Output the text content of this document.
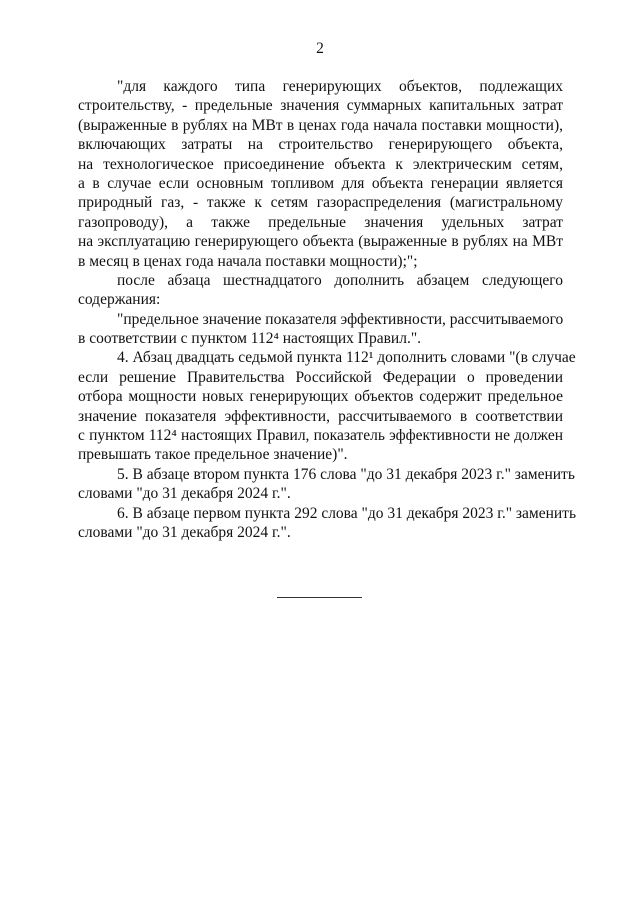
2
"для каждого типа генерирующих объектов, подлежащих
строительству, - предельные значения суммарных капитальных затрат
(выраженные в рублях на МВт в ценах года начала поставки мощности),
включающих затраты на строительство генерирующего объекта,
на технологическое присоединение объекта к электрическим сетям,
а в случае если основным топливом для объекта генерации является
природный газ, - также к сетям газораспределения (магистральному
газопроводу), а также предельные значения удельных затрат
на эксплуатацию генерирующего объекта (выраженные в рублях на МВт
в месяц в ценах года начала поставки мощности);";
после абзаца шестнадцатого дополнить абзацем следующего
содержания:
"предельное значение показателя эффективности, рассчитываемого
в соответствии с пунктом 112⁴ настоящих Правил.".
4. Абзац двадцать седьмой пункта 112¹ дополнить словами "(в случае
если решение Правительства Российской Федерации о проведении
отбора мощности новых генерирующих объектов содержит предельное
значение показателя эффективности, рассчитываемого в соответствии
с пунктом 112⁴ настоящих Правил, показатель эффективности не должен
превышать такое предельное значение)".
5. В абзаце втором пункта 176 слова "до 31 декабря 2023 г." заменить
словами "до 31 декабря 2024 г.".
6. В абзаце первом пункта 292 слова "до 31 декабря 2023 г." заменить
словами "до 31 декабря 2024 г.".
